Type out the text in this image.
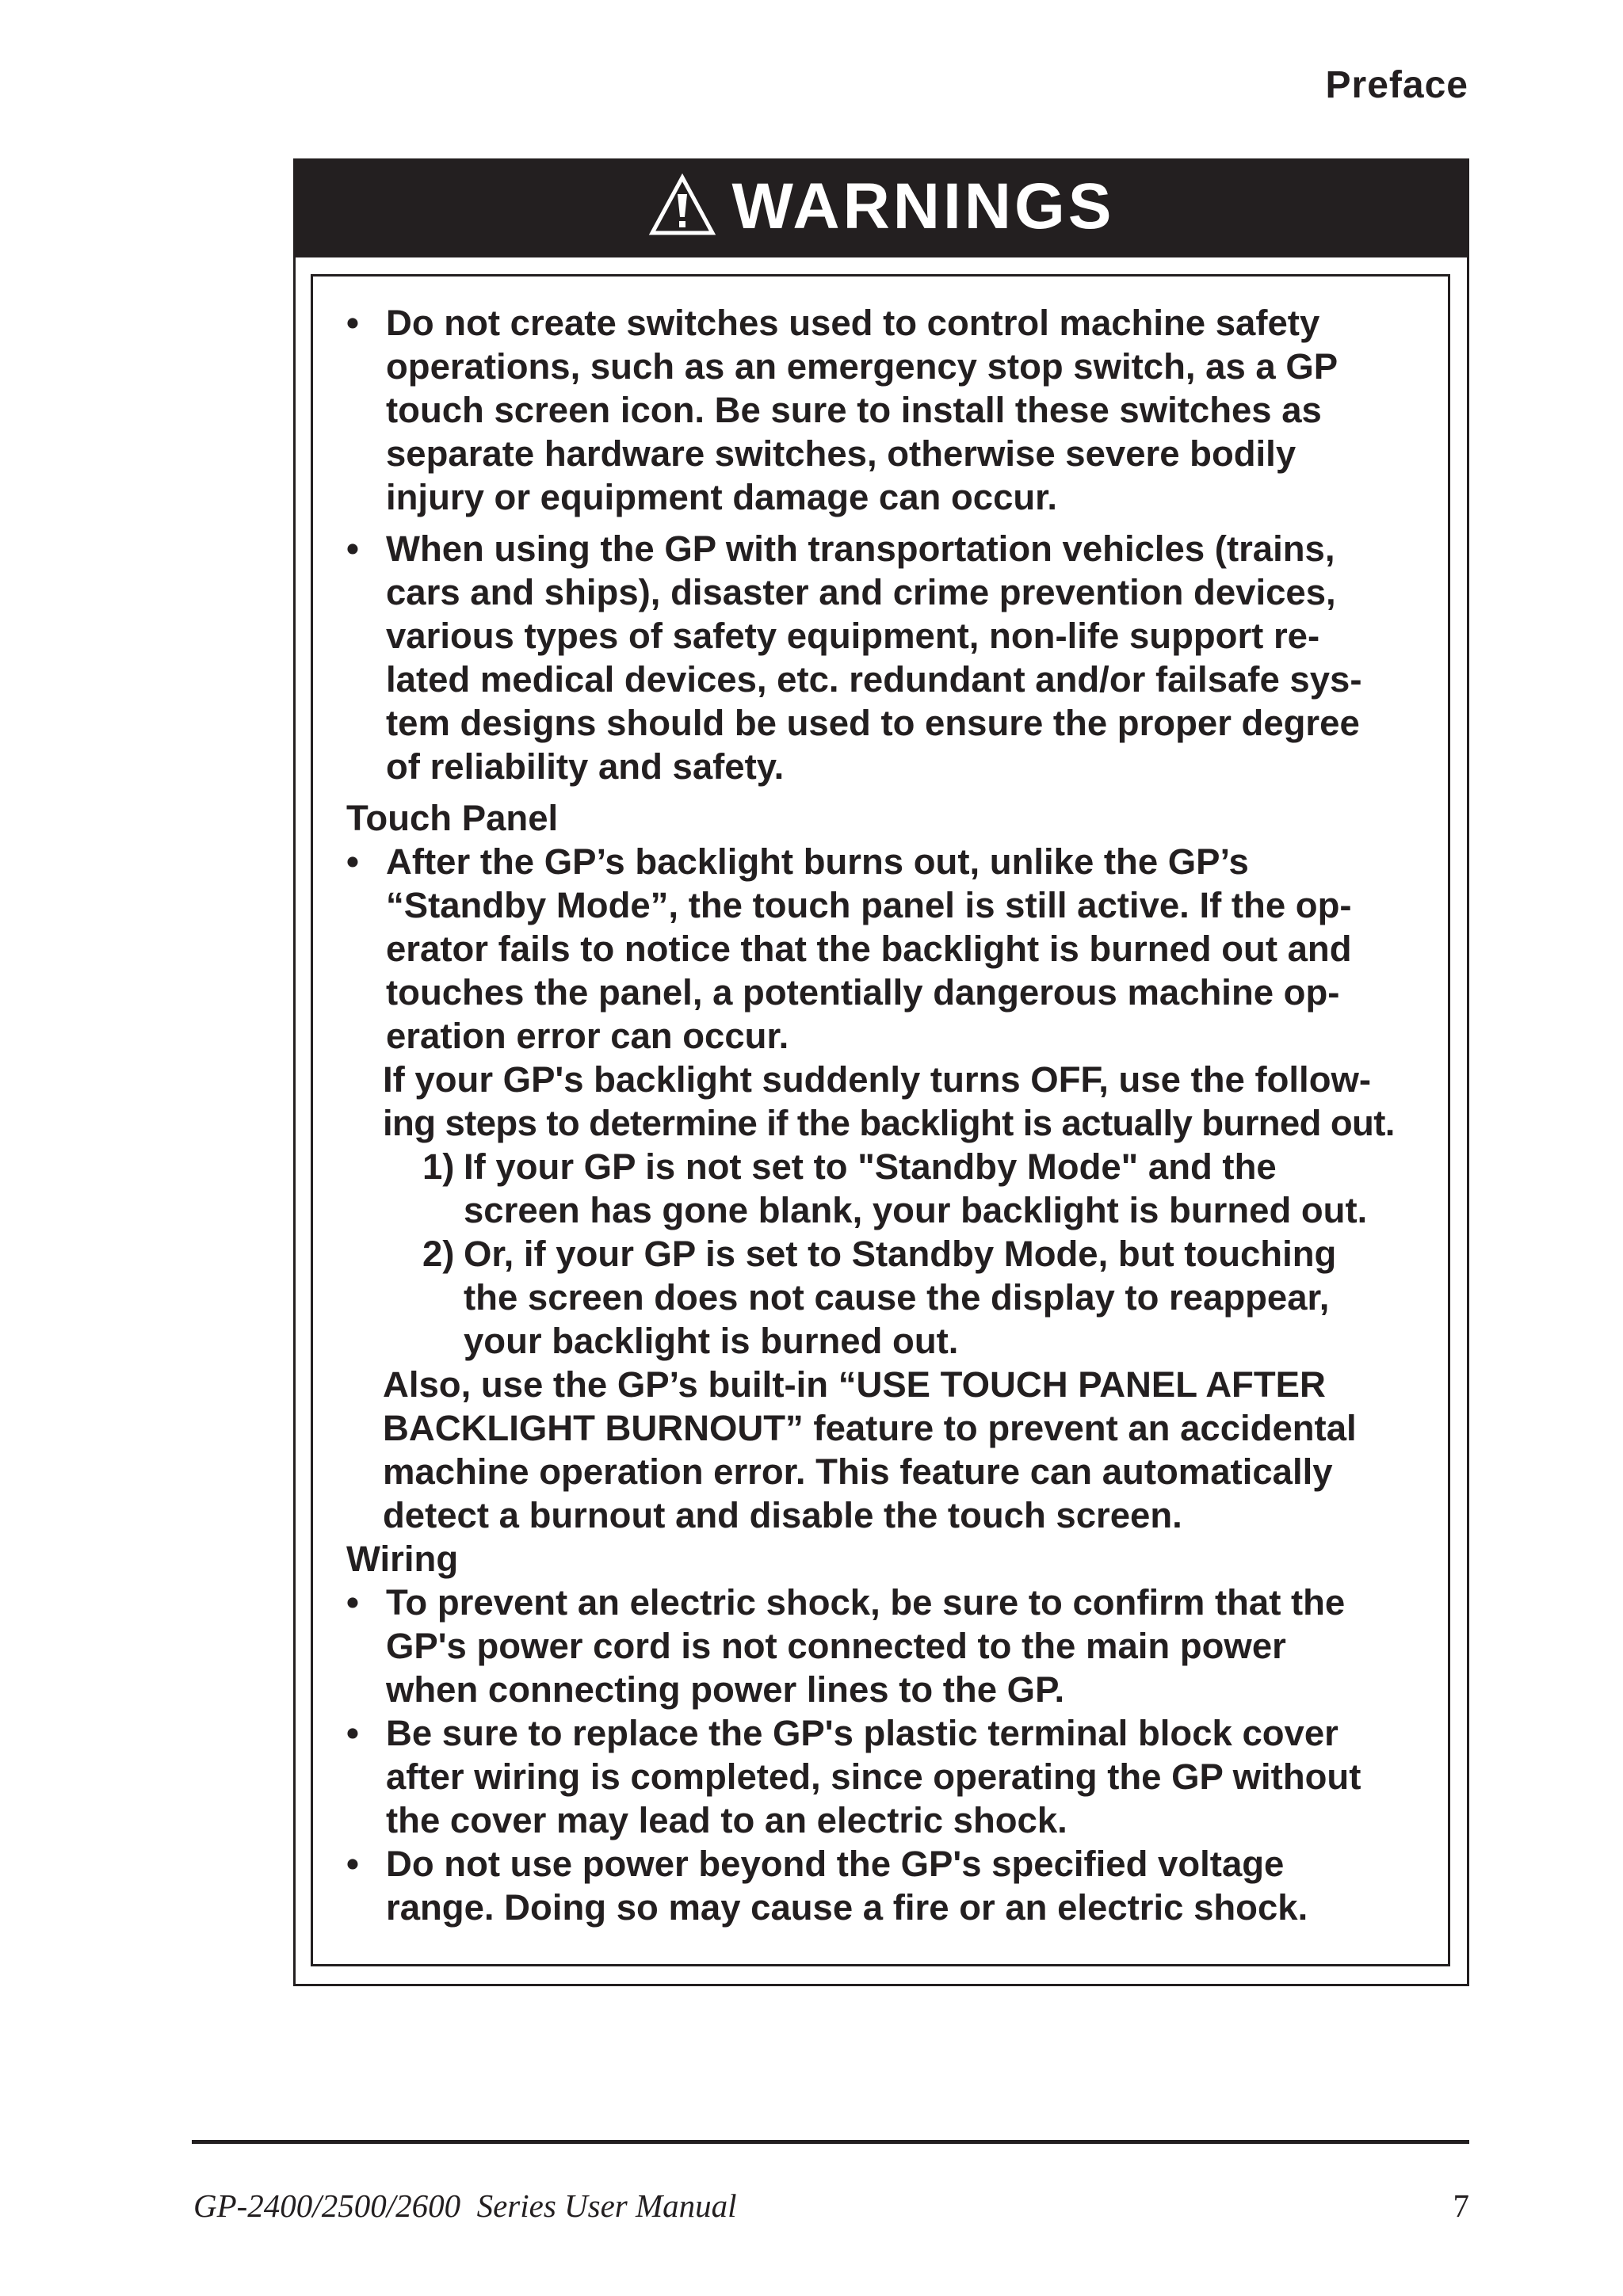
Preface
WARNINGS
• Do not create switches used to control machine safety
operations, such as an emergency stop switch, as a GP
touch screen icon. Be sure to install these switches as
separate hardware switches, otherwise severe bodily
injury or equipment damage can occur.
• When using the GP with transportation vehicles (trains,
cars and ships), disaster and crime prevention devices,
various types of safety equipment, non-life support re-
lated medical devices, etc. redundant and/or failsafe sys-
tem designs should be used to ensure the proper degree
of reliability and safety.
Touch Panel
• After the GP’s backlight burns out, unlike the GP’s
“Standby Mode”, the touch panel is still active. If the op-
erator fails to notice that the backlight is burned out and
touches the panel, a potentially dangerous machine op-
eration error can occur.
If your GP's backlight suddenly turns OFF, use the follow-
ing steps to determine if the backlight is actually burned out.
1) If your GP is not set to "Standby Mode" and the
screen has gone blank, your backlight is burned out.
2) Or, if your GP is set to Standby Mode, but touching
the screen does not cause the display to reappear,
your backlight is burned out.
Also, use the GP’s built-in “USE TOUCH PANEL AFTER
BACKLIGHT BURNOUT” feature to prevent an accidental
machine operation error. This feature can automatically
detect a burnout and disable the touch screen.
Wiring
• To prevent an electric shock, be sure to confirm that the
GP's power cord is not connected to the main power
when connecting power lines to the GP.
• Be sure to replace the GP's plastic terminal block cover
after wiring is completed, since operating the GP without
the cover may lead to an electric shock.
• Do not use power beyond the GP's specified voltage
range. Doing so may cause a fire or an electric shock.
GP-2400/2500/2600  Series User Manual	7
